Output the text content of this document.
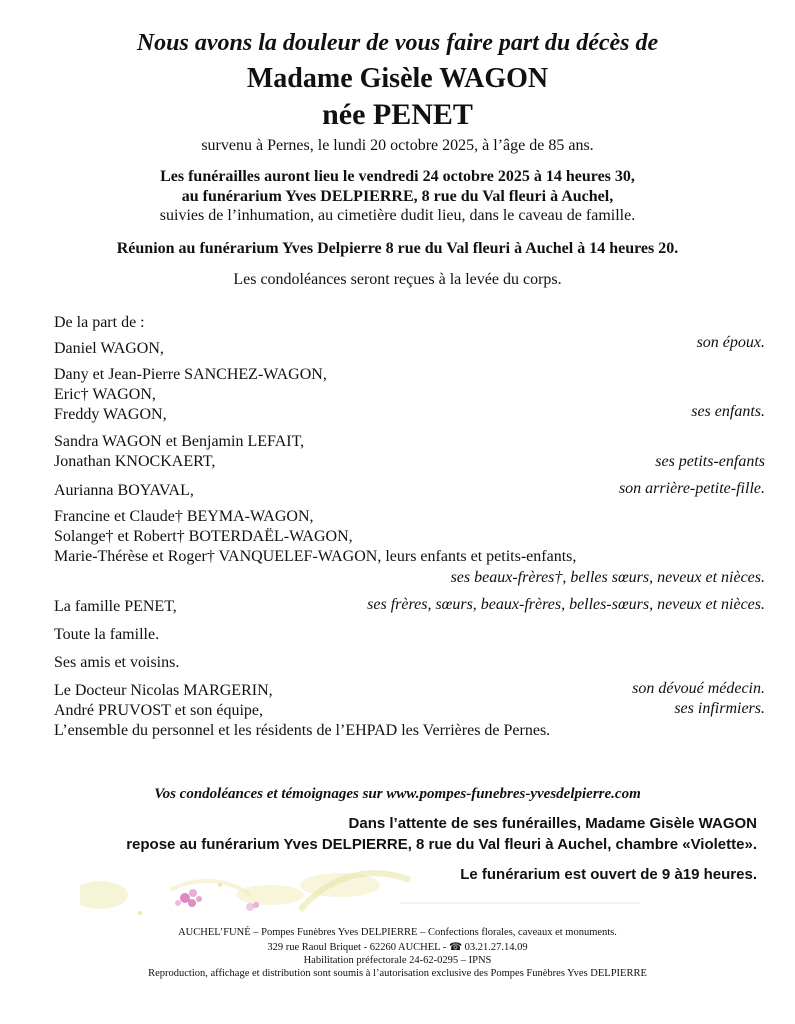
Nous avons la douleur de vous faire part du décès de
Madame Gisèle WAGON
née PENET
survenu à Pernes, le lundi 20 octobre 2025, à l’âge de 85 ans.
Les funérailles auront lieu le vendredi 24 octobre 2025 à 14 heures 30,
au funérarium Yves DELPIERRE, 8 rue du Val fleuri à Auchel,
suivies de l’inhumation, au cimetière dudit lieu, dans le caveau de famille.
Réunion au funérarium Yves Delpierre 8 rue du Val fleuri à Auchel à 14 heures 20.
Les condoléances seront reçues à la levée du corps.
De la part de :
Daniel WAGON,	son époux.
Dany et Jean-Pierre SANCHEZ-WAGON,
Eric† WAGON,
Freddy WAGON,	ses enfants.
Sandra WAGON et Benjamin LEFAIT,
Jonathan KNOCKAERT,	ses petits-enfants
Aurianna BOYAVAL,	son arrière-petite-fille.
Francine et Claude† BEYMA-WAGON,
Solange† et Robert† BOTERDAËL-WAGON,
Marie-Thérèse et Roger† VANQUELEF-WAGON, leurs enfants et petits-enfants,
ses beaux-frères†, belles sœurs, neveux et nièces.
La famille PENET,	ses frères, sœurs, beaux-frères, belles-sœurs, neveux et nièces.
Toute la famille.
Ses amis et voisins.
Le Docteur Nicolas MARGERIN,	son dévoué médecin.
André PRUVOST et son équipe,	ses infirmiers.
L’ensemble du personnel et les résidents de l’EHPAD les Verrières de Pernes.
Vos condoléances et témoignages sur www.pompes-funebres-yvesdelpierre.com
Dans l’attente de ses funérailles, Madame Gisèle WAGON
repose au funérarium Yves DELPIERRE, 8 rue du Val fleuri à Auchel, chambre «Violette».
Le funérarium est ouvert de 9 à19 heures.
AUCHEL’FUNÉ – Pompes Funèbres Yves DELPIERRE – Confections florales, caveaux et monuments.
329 rue Raoul Briquet - 62260 AUCHEL - ☎ 03.21.27.14.09
Habilitation préfectorale 24-62-0295 – IPNS
Reproduction, affichage et distribution sont soumis à l’autorisation exclusive des Pompes Funèbres Yves DELPIERRE
